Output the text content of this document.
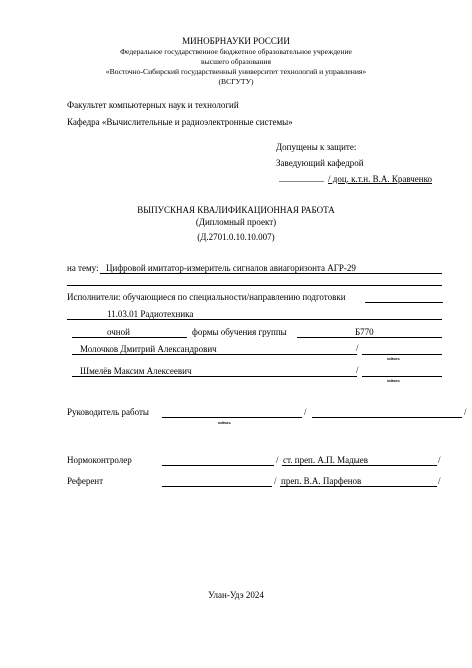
МИНОБРНАУКИ РОССИИ
Федеральное государственное бюджетное образовательное учреждение
высшего образования
«Восточно-Сибирский государственный университет технологий и управления»
(ВСГУТУ)
Факультет компьютерных наук и технологий
Кафедра «Вычислительные и радиоэлектронные системы»
Допущены к защите:
Заведующий кафедрой
__________ / доц. к.т.н. В.А. Кравченко
ВЫПУСКНАЯ КВАЛИФИКАЦИОННАЯ РАБОТА
(Дипломный проект)
(Д.2701.0.10.10.007)
на тему: Цифровой имитатор-измеритель сигналов авиагоризонта АГР-29
Исполнители: обучающиеся по специальности/направлению подготовки
11.03.01 Радиотехника
очной	формы обучения группы	Б770
Молочков Дмитрий Александрович	/
подпись
Шмелёв Максим Алексеевич	/
подпись
Руководитель работы	/	/
подпись
Нормоконтролер	/ ст. преп. А.П. Мадыев	/
Референт	/ преп. В.А. Парфенов	/
Улан-Удэ 2024
